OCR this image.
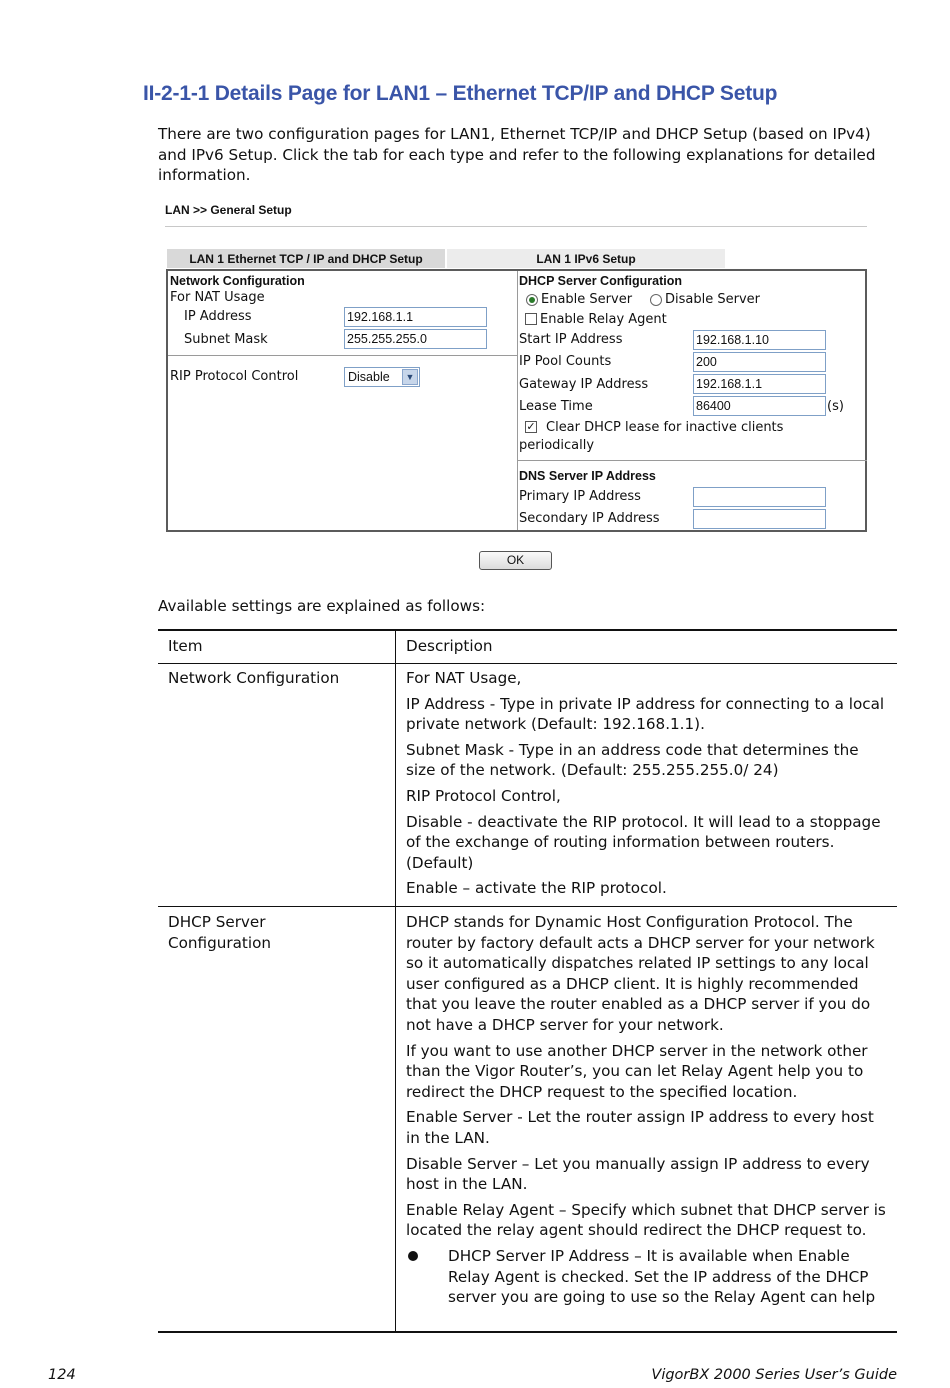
II-2-1-1 Details Page for LAN1 – Ethernet TCP/IP and DHCP Setup

There are two configuration pages for LAN1, Ethernet TCP/IP and DHCP Setup (based on IPv4) and IPv6 Setup. Click the tab for each type and refer to the following explanations for detailed information.

LAN >> General Setup
LAN 1 Ethernet TCP / IP and DHCP Setup	LAN 1 IPv6 Setup
Network Configuration
For NAT Usage
IP Address	192.168.1.1
Subnet Mask	255.255.255.0
RIP Protocol Control	Disable	▼
DHCP Server Configuration
Enable Server	Disable Server
Enable Relay Agent
Start IP Address	192.168.1.10
IP Pool Counts	200
Gateway IP Address	192.168.1.1
Lease Time	86400	(s)
✓ Clear DHCP lease for inactive clients
periodically
DNS Server IP Address
Primary IP Address
Secondary IP Address
OK
Available settings are explained as follows:
Item	Description
Network Configuration	For NAT Usage,

IP Address - Type in private IP address for connecting to a local private network (Default: 192.168.1.1).

Subnet Mask - Type in an address code that determines the size of the network. (Default: 255.255.255.0/ 24)

RIP Protocol Control,

Disable - deactivate the RIP protocol. It will lead to a stoppage of the exchange of routing information between routers. (Default)

Enable – activate the RIP protocol.

DHCP Server
Configuration

DHCP stands for Dynamic Host Configuration Protocol. The router by factory default acts a DHCP server for your network so it automatically dispatches related IP settings to any local user configured as a DHCP client. It is highly recommended that you leave the router enabled as a DHCP server if you do not have a DHCP server for your network.

If you want to use another DHCP server in the network other than the Vigor Router’s, you can let Relay Agent help you to redirect the DHCP request to the specified location.

Enable Server - Let the router assign IP address to every host in the LAN.

Disable Server – Let you manually assign IP address to every host in the LAN.

Enable Relay Agent – Specify which subnet that DHCP server is located the relay agent should redirect the DHCP request to.

DHCP Server IP Address – It is available when Enable Relay Agent is checked. Set the IP address of the DHCP server you are going to use so the Relay Agent can help
124	VigorBX 2000 Series User’s Guide
